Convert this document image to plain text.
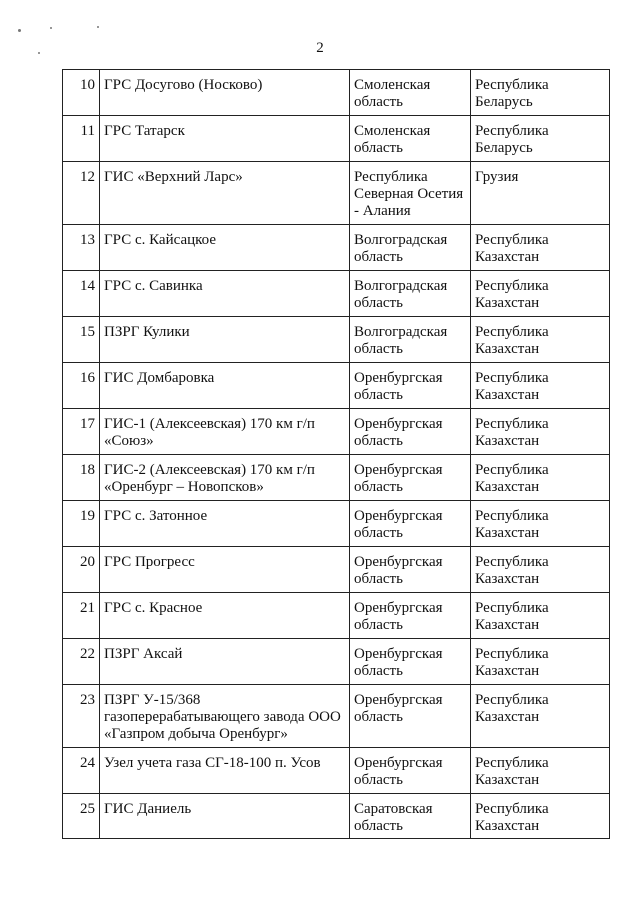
2
10	ГРС Досугово (Носково)	Смоленская область	Республика Беларусь
11	ГРС Татарск	Смоленская область	Республика Беларусь
12	ГИС «Верхний Ларс»	Республика Северная Осетия - Алания	Грузия
13	ГРС с. Кайсацкое	Волгоградская область	Республика Казахстан
14	ГРС с. Савинка	Волгоградская область	Республика Казахстан
15	ПЗРГ Кулики	Волгоградская область	Республика Казахстан
16	ГИС Домбаровка	Оренбургская область	Республика Казахстан
17	ГИС-1 (Алексеевская) 170 км г/п «Союз»	Оренбургская область	Республика Казахстан
18	ГИС-2 (Алексеевская) 170 км г/п «Оренбург – Новопсков»	Оренбургская область	Республика Казахстан
19	ГРС с. Затонное	Оренбургская область	Республика Казахстан
20	ГРС Прогресс	Оренбургская область	Республика Казахстан
21	ГРС с. Красное	Оренбургская область	Республика Казахстан
22	ПЗРГ Аксай	Оренбургская область	Республика Казахстан
23	ПЗРГ У-15/368 газоперерабатывающего завода ООО «Газпром добыча Оренбург»	Оренбургская область	Республика Казахстан
24	Узел учета газа СГ-18-100 п. Усов	Оренбургская область	Республика Казахстан
25	ГИС Даниель	Саратовская область	Республика Казахстан
